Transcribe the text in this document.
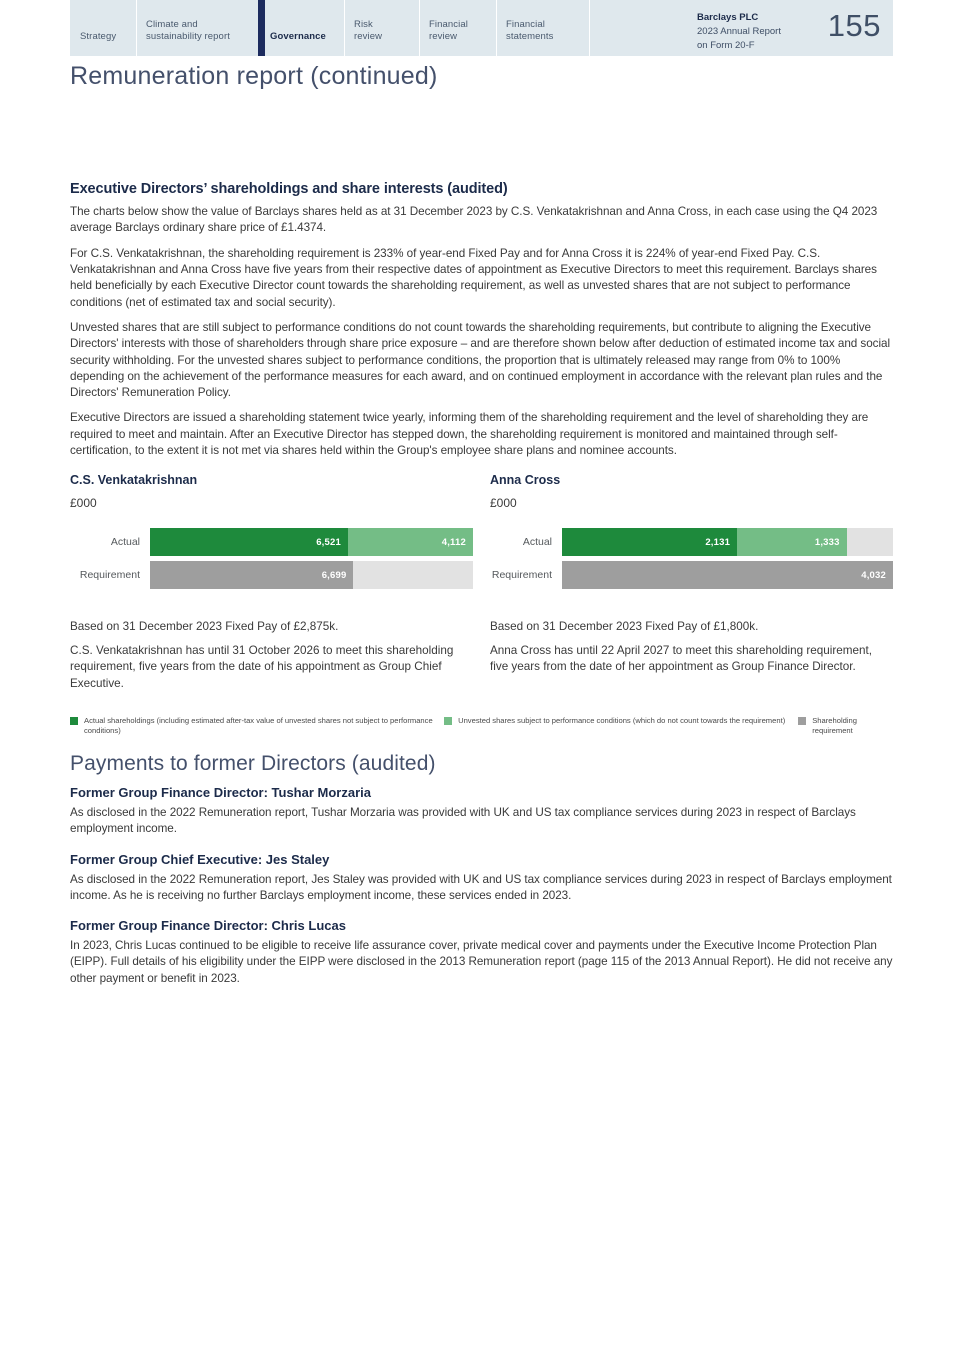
Strategy
Climate and
sustainability report	Governance
Risk
review
Financial
review
Financial
statements
Barclays PLC
2023 Annual Report
on Form 20-F
155
Remuneration report (continued)
Executive Directors’ shareholdings and share interests (audited)

The charts below show the value of Barclays shares held as at 31 December 2023 by C.S. Venkatakrishnan and Anna Cross, in each case using the Q4 2023 average Barclays ordinary share price of £1.4374.

For C.S. Venkatakrishnan, the shareholding requirement is 233% of year-end Fixed Pay and for Anna Cross it is 224% of year-end Fixed Pay. C.S. Venkatakrishnan and Anna Cross have five years from their respective dates of appointment as Executive Directors to meet this requirement. Barclays shares held beneficially by each Executive Director count towards the shareholding requirement, as well as unvested shares that are not subject to performance conditions (net of estimated tax and social security).

Unvested shares that are still subject to performance conditions do not count towards the shareholding requirements, but contribute to aligning the Executive Directors' interests with those of shareholders through share price exposure – and are therefore shown below after deduction of estimated income tax and social security withholding. For the unvested shares subject to performance conditions, the proportion that is ultimately released may range from 0% to 100% depending on the achievement of the performance measures for each award, and on continued employment in accordance with the relevant plan rules and the Directors' Remuneration Policy.

Executive Directors are issued a shareholding statement twice yearly, informing them of the shareholding requirement and the level of shareholding they are required to meet and maintain. After an Executive Director has stepped down, the shareholding requirement is monitored and maintained through self-certification, to the extent it is not met via shares held within the Group's employee share plans and nominee accounts.

C.S. Venkatakrishnan
£000
Actual	6,521	4,112
Requirement	6,699

Based on 31 December 2023 Fixed Pay of £2,875k.

C.S. Venkatakrishnan has until 31 October 2026 to meet this shareholding requirement, five years from the date of his appointment as Group Chief Executive.

Anna Cross
£000
Actual	2,131	1,333
Requirement	4,032

Based on 31 December 2023 Fixed Pay of £1,800k.

Anna Cross has until 22 April 2027 to meet this shareholding requirement, five years from the date of her appointment as Group Finance Director.

Actual shareholdings (including estimated after-tax value of unvested shares not subject to performance conditions)
Unvested shares subject to performance conditions (which do not count towards the requirement)	Shareholding requirement
Payments to former Directors (audited)
Former Group Finance Director: Tushar Morzaria

As disclosed in the 2022 Remuneration report, Tushar Morzaria was provided with UK and US tax compliance services during 2023 in respect of Barclays employment income.

Former Group Chief Executive: Jes Staley

As disclosed in the 2022 Remuneration report, Jes Staley was provided with UK and US tax compliance services during 2023 in respect of Barclays employment income. As he is receiving no further Barclays employment income, these services ended in 2023.

Former Group Finance Director: Chris Lucas

In 2023, Chris Lucas continued to be eligible to receive life assurance cover, private medical cover and payments under the Executive Income Protection Plan (EIPP). Full details of his eligibility under the EIPP were disclosed in the 2013 Remuneration report (page 115 of the 2013 Annual Report). He did not receive any other payment or benefit in 2023.
